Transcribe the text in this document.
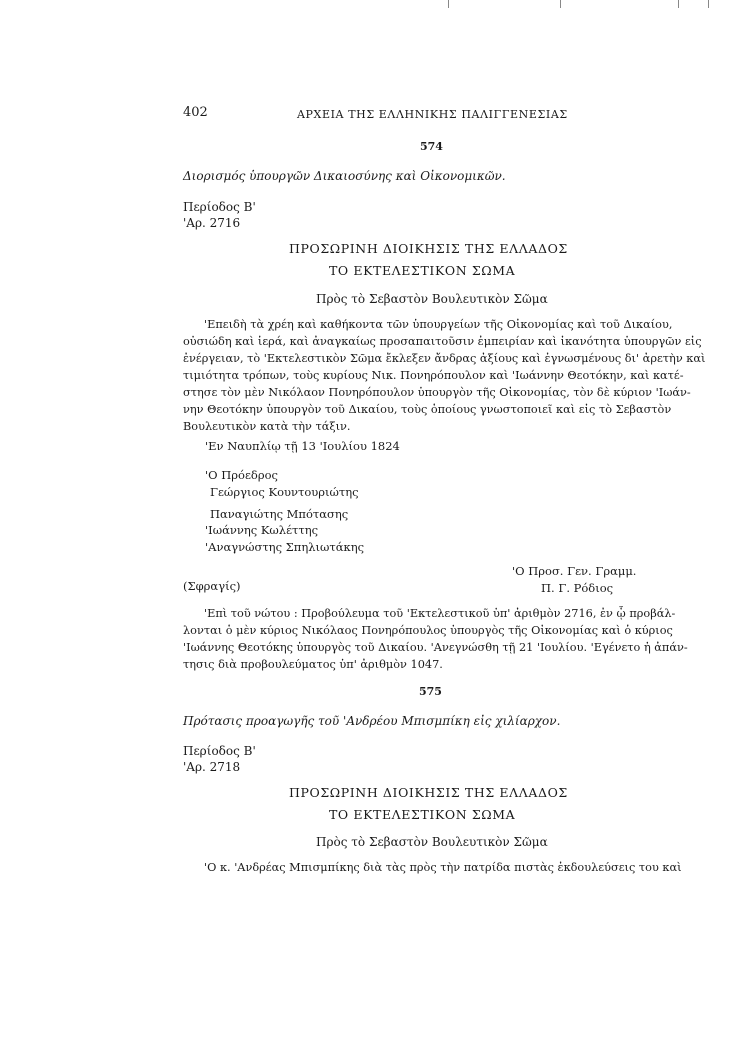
402	ΑΡΧΕΙΑ ΤΗΣ ΕΛΛΗΝΙΚΗΣ ΠΑΛΙΓΓΕΝΕΣΙΑΣ
574
Διορισμός ὑπουργῶν Δικαιοσύνης καὶ Οἰκονομικῶν.
Περίοδος Β'
'Αρ. 2716
ΠΡΟΣΩΡΙΝΗ ΔΙΟΙΚΗΣΙΣ ΤΗΣ ΕΛΛΑΔΟΣ
ΤΟ ΕΚΤΕΛΕΣΤΙΚΟΝ ΣΩΜΑ
Πρὸς τὸ Σεβαστὸν Βουλευτικὸν Σῶμα
'Επειδὴ τὰ χρέη καὶ καθήκοντα τῶν ὑπουργείων τῆς Οἰκονομίας καὶ τοῦ Δικαίου,
οὐσιώδη καὶ ἱερά, καὶ ἀναγκαίως προσαπαιτοῦσιν ἐμπειρίαν καὶ ἱκανότητα ὑπουργῶν εἰς
ἐνέργειαν, τὸ 'Εκτελεστικὸν Σῶμα ἔκλεξεν ἄνδρας ἀξίους καὶ ἐγνωσμένους δι' ἀρετὴν καὶ
τιμιότητα τρόπων, τοὺς κυρίους Νικ. Πονηρόπουλον καὶ 'Ιωάννην Θεοτόκην, καὶ κατέ-
στησε τὸν μὲν Νικόλαον Πονηρόπουλον ὑπουργὸν τῆς Οἰκονομίας, τὸν δὲ κύριον 'Ιωάν-
νην Θεοτόκην ὑπουργὸν τοῦ Δικαίου, τοὺς ὁποίους γνωστοποιεῖ καὶ εἰς τὸ Σεβαστὸν
Βουλευτικὸν κατὰ τὴν τάξιν.
'Εν Ναυπλίῳ τῇ 13 'Ιουλίου 1824
'Ο Πρόεδρος
Γεώργιος Κουντουριώτης
Παναγιώτης Μπότασης
'Ιωάννης Κωλέττης
'Αναγνώστης Σπηλιωτάκης
'Ο Προσ. Γεν. Γραμμ.
Π. Γ. Ρόδιος
(Σφραγίς)
'Επὶ τοῦ νώτου : Προβούλευμα τοῦ 'Εκτελεστικοῦ ὑπ' ἀριθμὸν 2716, ἐν ᾧ προβάλ-
λονται ὁ μὲν κύριος Νικόλαος Πονηρόπουλος ὑπουργὸς τῆς Οἰκονομίας καὶ ὁ κύριος
'Ιωάννης Θεοτόκης ὑπουργὸς τοῦ Δικαίου. 'Ανεγνώσθη τῇ 21 'Ιουλίου. 'Εγένετο ἡ ἀπάν-
τησις διὰ προβουλεύματος ὑπ' ἀριθμὸν 1047.
575
Πρότασις προαγωγῆς τοῦ 'Ανδρέου Μπισμπίκη εἰς χιλίαρχον.
Περίοδος Β'
'Αρ. 2718
ΠΡΟΣΩΡΙΝΗ ΔΙΟΙΚΗΣΙΣ ΤΗΣ ΕΛΛΑΔΟΣ
ΤΟ ΕΚΤΕΛΕΣΤΙΚΟΝ ΣΩΜΑ
Πρὸς τὸ Σεβαστὸν Βουλευτικὸν Σῶμα
'Ο κ. 'Ανδρέας Μπισμπίκης διὰ τὰς πρὸς τὴν πατρίδα πιστὰς ἐκδουλεύσεις του καὶ
